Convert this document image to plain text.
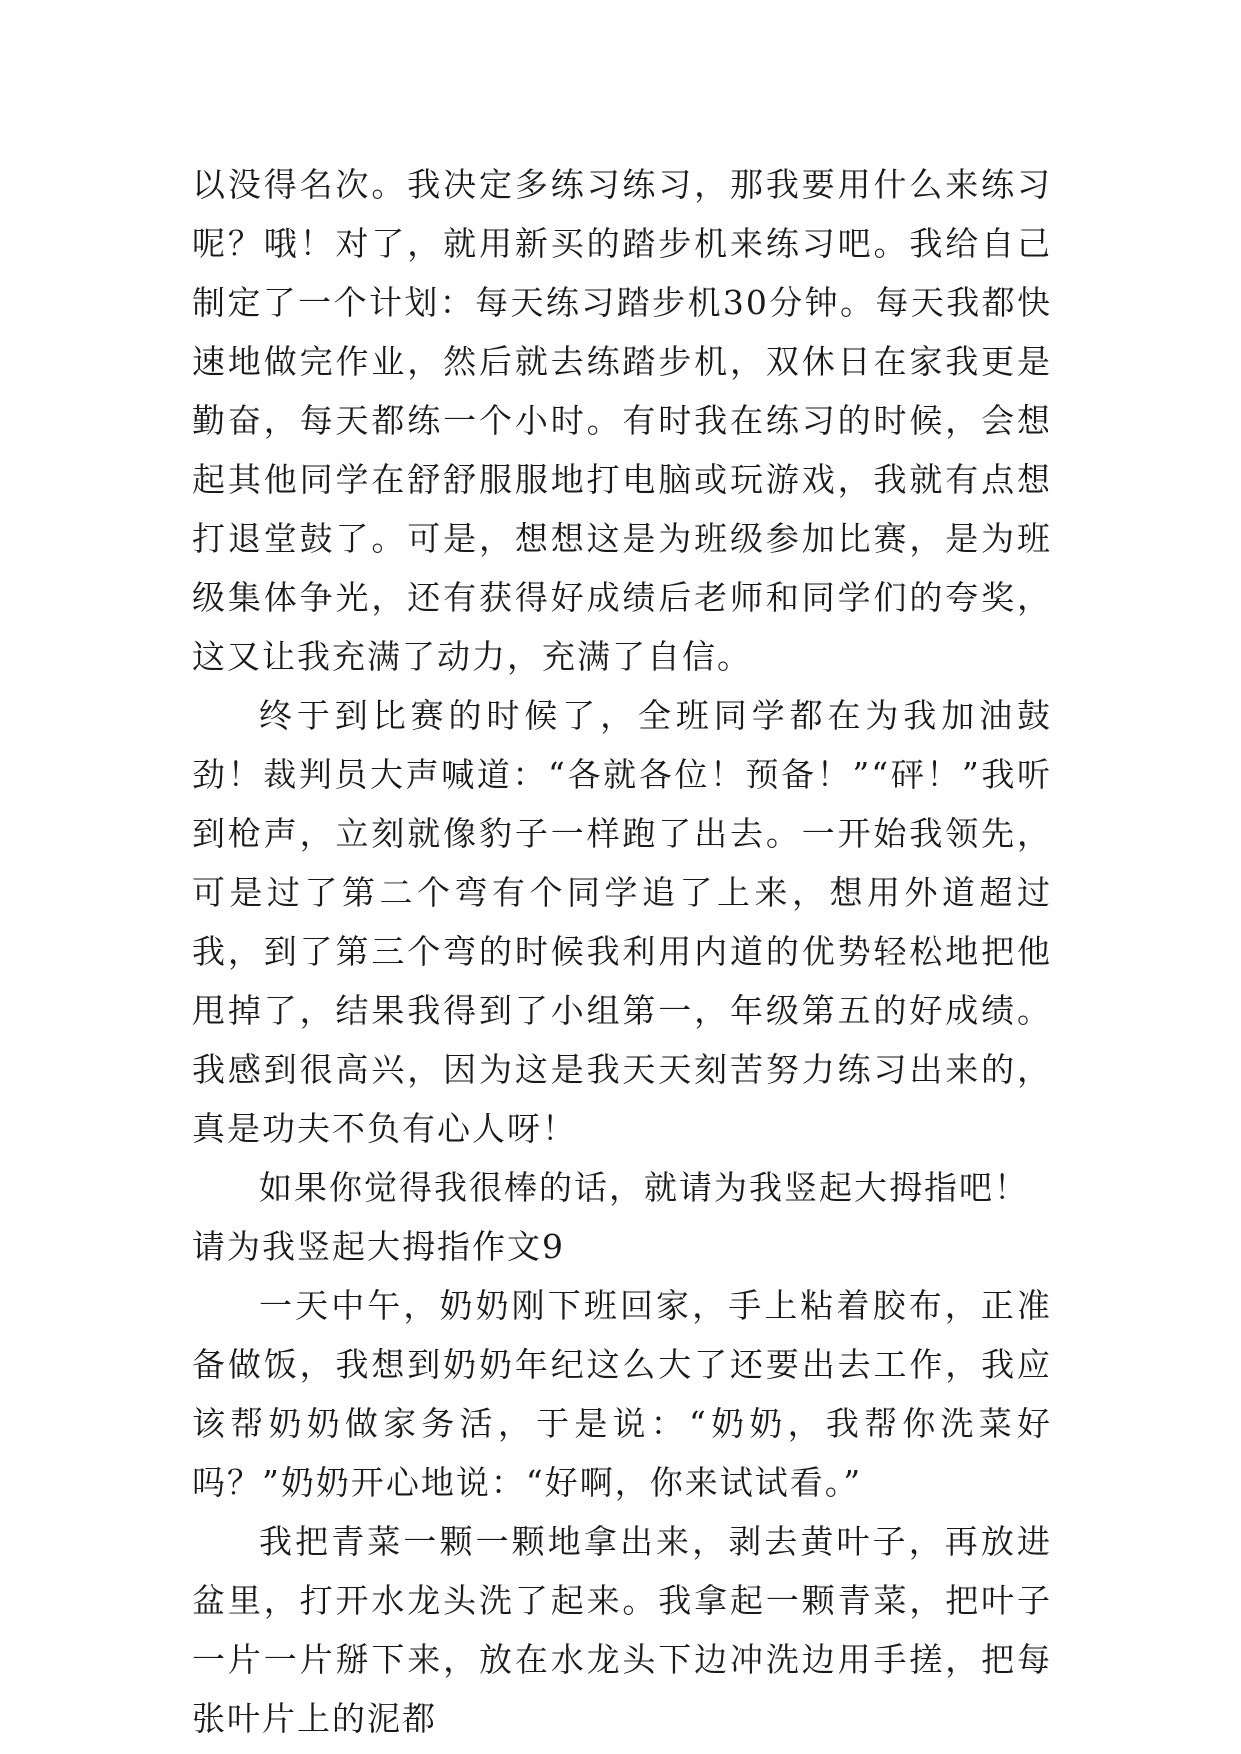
以没得名次。我决定多练习练习，那我要用什么来练习呢？哦！对了，就用新买的踏步机来练习吧。我给自己制定了一个计划：每天练习踏步机30分钟。每天我都快速地做完作业，然后就去练踏步机，双休日在家我更是勤奋，每天都练一个小时。有时我在练习的时候，会想起其他同学在舒舒服服地打电脑或玩游戏，我就有点想打退堂鼓了。可是，想想这是为班级参加比赛，是为班级集体争光，还有获得好成绩后老师和同学们的夸奖，这又让我充满了动力，充满了自信。

终于到比赛的时候了，全班同学都在为我加油鼓劲！裁判员大声喊道：“各就各位！预备！”“砰！”我听到枪声，立刻就像豹子一样跑了出去。一开始我领先，可是过了第二个弯有个同学追了上来，想用外道超过我，到了第三个弯的时候我利用内道的优势轻松地把他甩掉了，结果我得到了小组第一，年级第五的好成绩。我感到很高兴，因为这是我天天刻苦努力练习出来的，真是功夫不负有心人呀！

如果你觉得我很棒的话，就请为我竖起大拇指吧！

请为我竖起大拇指作文9

一天中午，奶奶刚下班回家，手上粘着胶布，正准备做饭，我想到奶奶年纪这么大了还要出去工作，我应该帮奶奶做家务活，于是说：“奶奶，我帮你洗菜好吗？”奶奶开心地说：“好啊，你来试试看。”

我把青菜一颗一颗地拿出来，剥去黄叶子，再放进盆里，打开水龙头洗了起来。我拿起一颗青菜，把叶子一片一片掰下来，放在水龙头下边冲洗边用手搓，把每张叶片上的泥都
